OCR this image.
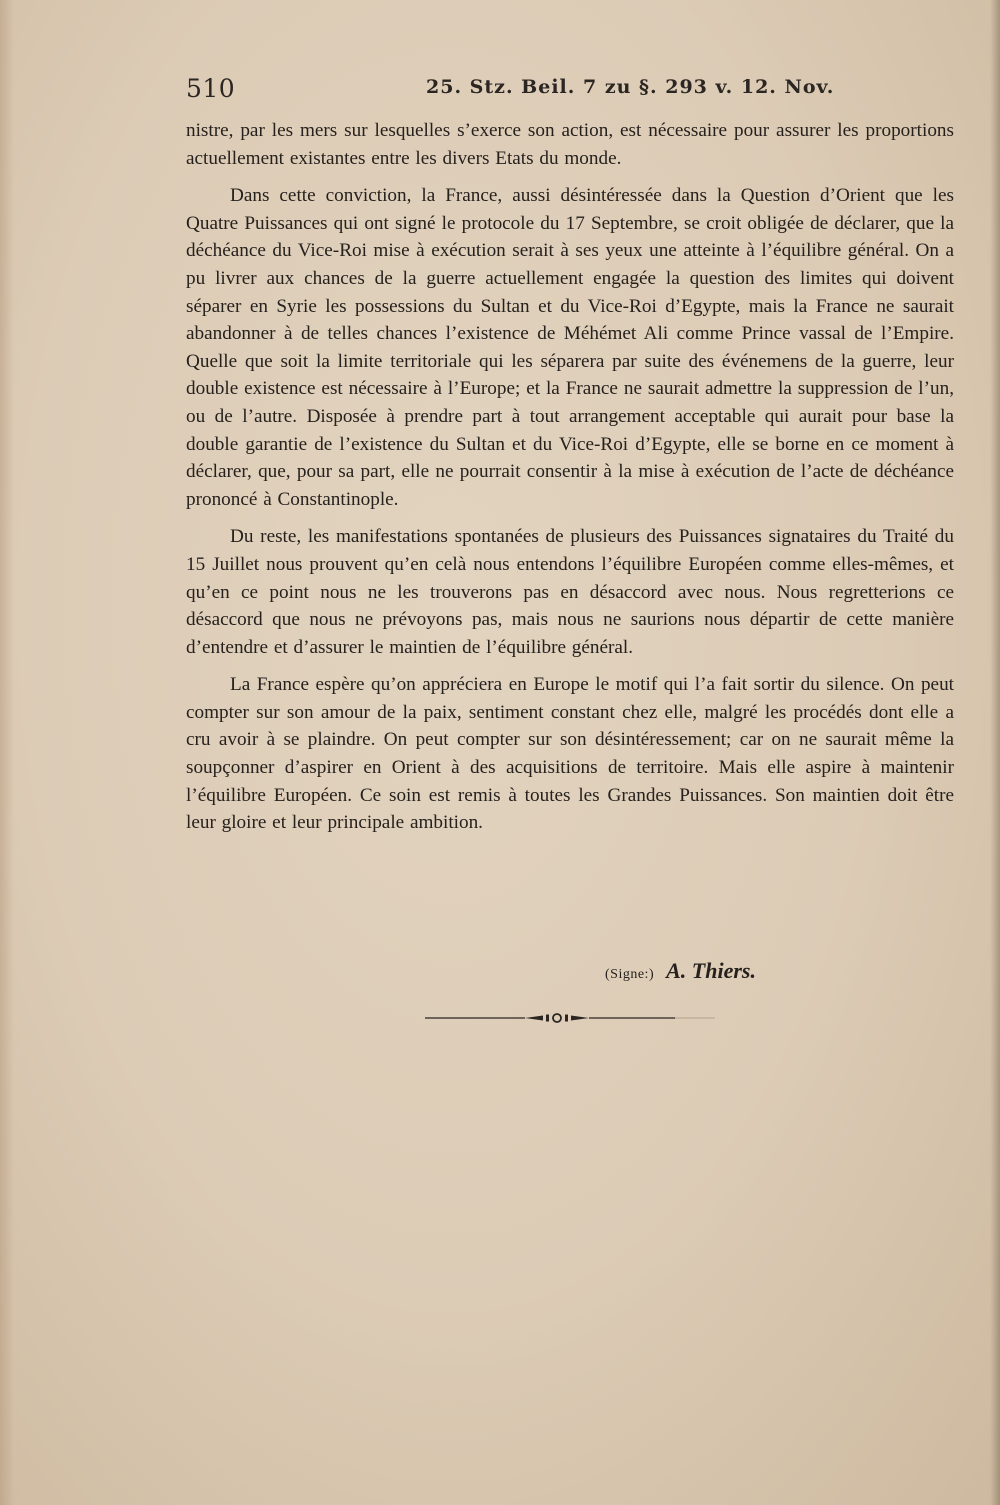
510	25. Stz. Beil. 7 zu §. 293 v. 12. Nov.

nistre, par les mers sur lesquelles s’exerce son action, est nécessaire pour assurer les proportions actuellement existantes entre les divers Etats du monde.

Dans cette conviction, la France, aussi désintéressée dans la Question d’Orient que les Quatre Puissances qui ont signé le protocole du 17 Septembre, se croit obligée de déclarer, que la déchéance du Vice-Roi mise à exécution serait à ses yeux une atteinte à l’équilibre général. On a pu livrer aux chances de la guerre actuellement engagée la question des limites qui doivent séparer en Syrie les possessions du Sultan et du Vice-Roi d’Egypte, mais la France ne saurait abandonner à de telles chances l’existence de Méhémet Ali comme Prince vassal de l’Empire. Quelle que soit la limite territoriale qui les séparera par suite des événemens de la guerre, leur double existence est nécessaire à l’Europe; et la France ne saurait admettre la suppression de l’un, ou de l’autre. Disposée à prendre part à tout arrangement acceptable qui aurait pour base la double garantie de l’existence du Sultan et du Vice-Roi d’Egypte, elle se borne en ce moment à déclarer, que, pour sa part, elle ne pourrait consentir à la mise à exécution de l’acte de déchéance prononcé à Constantinople.

Du reste, les manifestations spontanées de plusieurs des Puissances signataires du Traité du 15 Juillet nous prouvent qu’en celà nous entendons l’équilibre Européen comme elles-mêmes, et qu’en ce point nous ne les trouverons pas en désaccord avec nous. Nous regretterions ce désaccord que nous ne prévoyons pas, mais nous ne saurions nous départir de cette manière d’entendre et d’assurer le maintien de l’équilibre général.

La France espère qu’on appréciera en Europe le motif qui l’a fait sortir du silence. On peut compter sur son amour de la paix, sentiment constant chez elle, malgré les procédés dont elle a cru avoir à se plaindre. On peut compter sur son désintéressement; car on ne saurait même la soupçonner d’aspirer en Orient à des acquisitions de territoire. Mais elle aspire à maintenir l’équilibre Européen. Ce soin est remis à toutes les Grandes Puissances. Son maintien doit être leur gloire et leur principale ambition.

(Signe:) A. Thiers.
